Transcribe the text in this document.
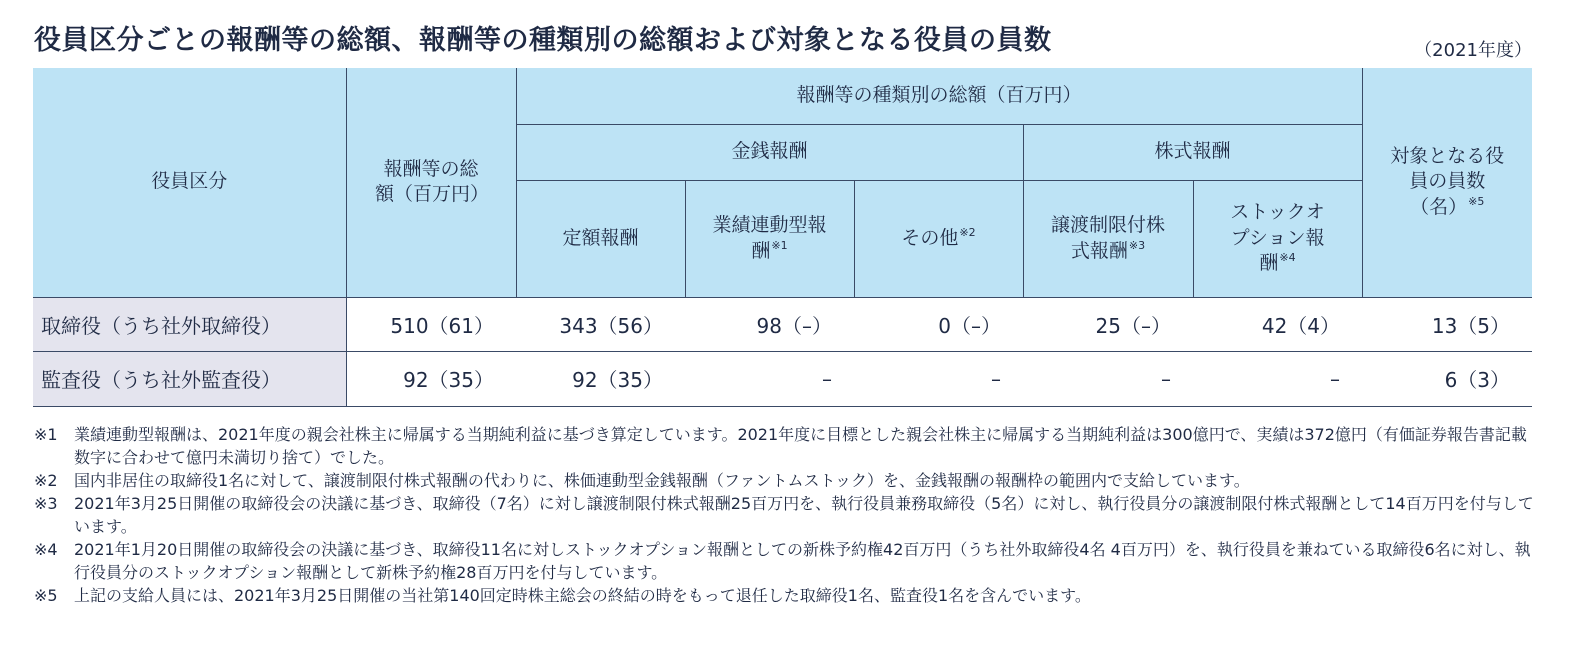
役員区分ごとの報酬等の総額、報酬等の種類別の総額および対象となる役員の員数	（2021年度）
役員区分	報酬等の総額（百万円）	報酬等の種類別の総額（百万円）					対象となる役員の員数（名）$^{※5}$

		金銭報酬			株式報酬		
		定額報酬	業績連動型報酬$^{※1}$	その他$^{※2}$	譲渡制限付株式報酬$^{※3}$	ストックオプション報酬$^{※4}$

取締役（うち社外取締役）	510（61）	343（56）	98（–）	0（–）	25（–）	42（4）	13（5）
監査役（うち社外監査役）	92（35）	92（35）	–	–	–	–	6（3）
※1 業績連動型報酬は、2021年度の親会社株主に帰属する当期純利益に基づき算定しています。2021年度に目標とした親会社株主に帰属する当期純利益は300億円で、実績は372億円（有価証券報告書記載数字に合わせて億円未満切り捨て）でした。
※2 国内非居住の取締役1名に対して、譲渡制限付株式報酬の代わりに、株価連動型金銭報酬（ファントムストック）を、金銭報酬の報酬枠の範囲内で支給しています。
※3 2021年3月25日開催の取締役会の決議に基づき、取締役（7名）に対し譲渡制限付株式報酬25百万円を、執行役員兼務取締役（5名）に対し、執行役員分の譲渡制限付株式報酬として14百万円を付与しています。
※4 2021年1月20日開催の取締役会の決議に基づき、取締役11名に対しストックオプション報酬としての新株予約権42百万円（うち社外取締役4名 4百万円）を、執行役員を兼ねている取締役6名に対し、執行役員分のストックオプション報酬として新株予約権28百万円を付与しています。
※5 上記の支給人員には、2021年3月25日開催の当社第140回定時株主総会の終結の時をもって退任した取締役1名、監査役1名を含んでいます。
